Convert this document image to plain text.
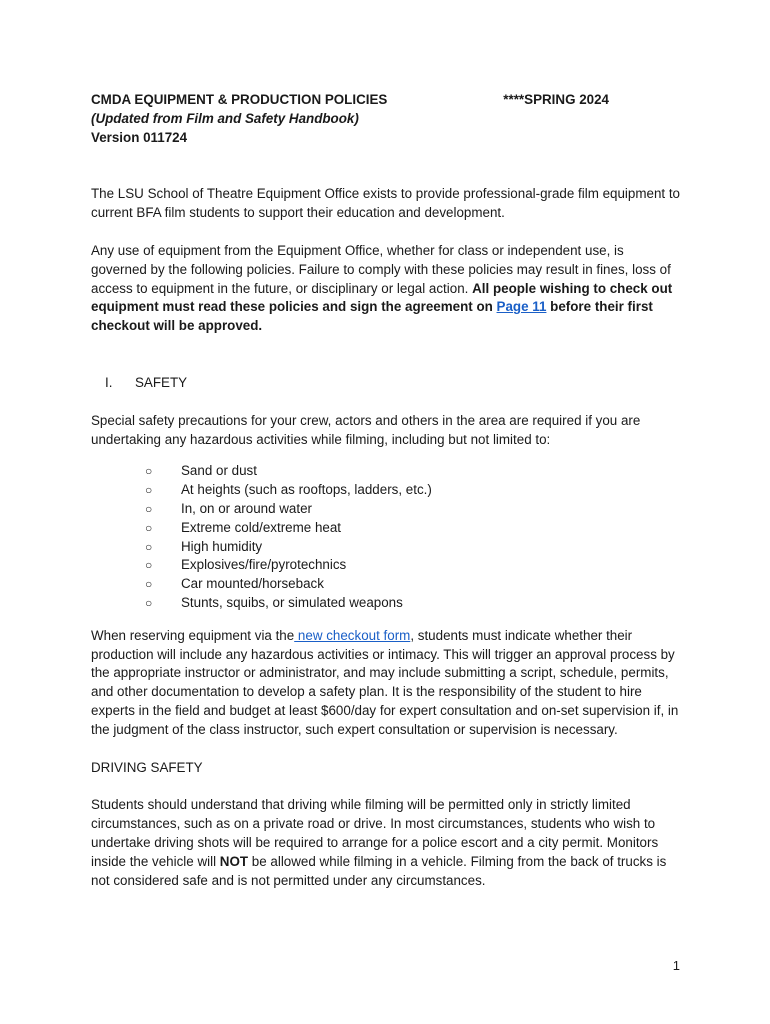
CMDA EQUIPMENT & PRODUCTION POLICIES	****SPRING 2024
(Updated from Film and Safety Handbook)
Version 011724

The LSU School of Theatre Equipment Office exists to provide professional-grade film equipment to current BFA film students to support their education and development.

Any use of equipment from the Equipment Office, whether for class or independent use, is governed by the following policies. Failure to comply with these policies may result in fines, loss of access to equipment in the future, or disciplinary or legal action. All people wishing to check out equipment must read these policies and sign the agreement on Page 11 before their first checkout will be approved.

I.	SAFETY

Special safety precautions for your crew, actors and others in the area are required if you are undertaking any hazardous activities while filming, including but not limited to:

○	Sand or dust
○	At heights (such as rooftops, ladders, etc.)
○	In, on or around water
○	Extreme cold/extreme heat
○	High humidity
○	Explosives/fire/pyrotechnics
○	Car mounted/horseback
○	Stunts, squibs, or simulated weapons

When reserving equipment via the new checkout form, students must indicate whether their production will include any hazardous activities or intimacy. This will trigger an approval process by the appropriate instructor or administrator, and may include submitting a script, schedule, permits, and other documentation to develop a safety plan. It is the responsibility of the student to hire experts in the field and budget at least $600/day for expert consultation and on-set supervision if, in the judgment of the class instructor, such expert consultation or supervision is necessary.

DRIVING SAFETY

Students should understand that driving while filming will be permitted only in strictly limited circumstances, such as on a private road or drive. In most circumstances, students who wish to undertake driving shots will be required to arrange for a police escort and a city permit. Monitors inside the vehicle will NOT be allowed while filming in a vehicle. Filming from the back of trucks is not considered safe and is not permitted under any circumstances.

1
